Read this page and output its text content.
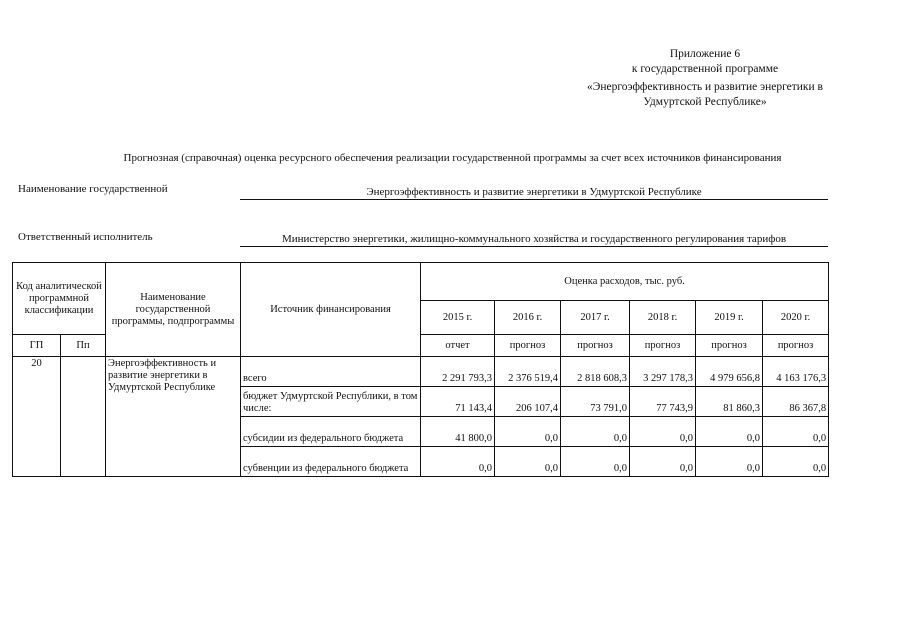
Приложение 6
к государственной программе
«Энергоэффективность и развитие энергетики в
Удмуртской Республике»
Прогнозная (справочная) оценка ресурсного обеспечения реализации государственной программы за счет всех источников финансирования
Наименование государственной	Энергоэффективность и развитие энергетики в Удмуртской Республике
Ответственный исполнитель	Министерство энергетики, жилищно-коммунального хозяйства и государственного регулирования тарифов
Код аналитической программной классификации		Наименование государственной программы, подпрограммы	Источник финансирования	Оценка расходов, тыс. руб.					
				2015 г.	2016 г.	2017 г.	2018 г.	2019 г.	2020 г.
ГП	Пп			отчет	прогноз	прогноз	прогноз	прогноз	прогноз
20		Энергоэффективность и развитие энергетики в Удмуртской Республике	всего	2 291 793,3	2 376 519,4	2 818 608,3	3 297 178,3	4 979 656,8	4 163 176,3
			бюджет Удмуртской Республики, в том числе:	71 143,4	206 107,4	73 791,0	77 743,9	81 860,3	86 367,8
			субсидии из федерального бюджета	41 800,0	0,0	0,0	0,0	0,0	0,0
			субвенции из федерального бюджета	0,0	0,0	0,0	0,0	0,0	0,0
